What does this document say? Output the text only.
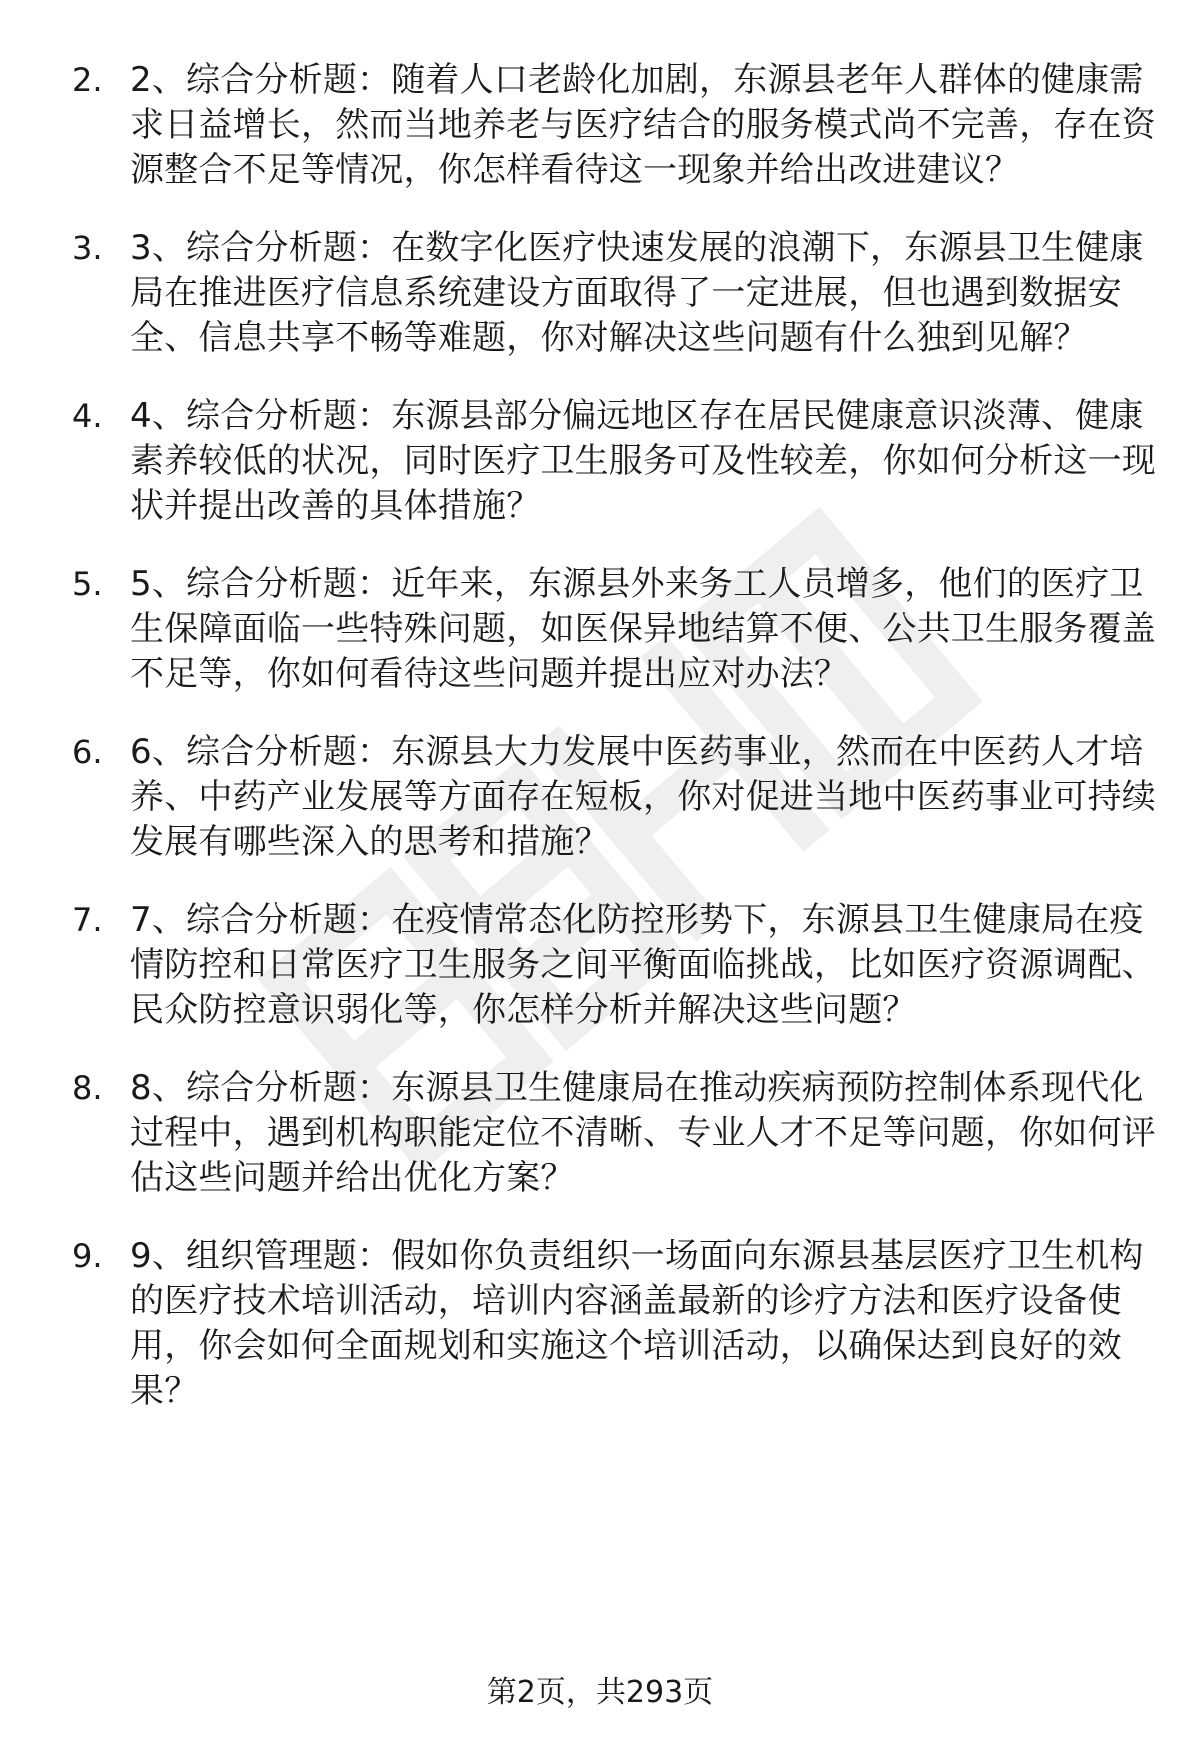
2. 2、综合分析题：随着人口老龄化加剧，东源县老年人群体的健康需求日益增长，然而当地养老与医疗结合的服务模式尚不完善，存在资源整合不足等情况，你怎样看待这一现象并给出改进建议？
3. 3、综合分析题：在数字化医疗快速发展的浪潮下，东源县卫生健康局在推进医疗信息系统建设方面取得了一定进展，但也遇到数据安全、信息共享不畅等难题，你对解决这些问题有什么独到见解？
4. 4、综合分析题：东源县部分偏远地区存在居民健康意识淡薄、健康素养较低的状况，同时医疗卫生服务可及性较差，你如何分析这一现状并提出改善的具体措施？
5. 5、综合分析题：近年来，东源县外来务工人员增多，他们的医疗卫生保障面临一些特殊问题，如医保异地结算不便、公共卫生服务覆盖不足等，你如何看待这些问题并提出应对办法？
6. 6、综合分析题：东源县大力发展中医药事业，然而在中医药人才培养、中药产业发展等方面存在短板，你对促进当地中医药事业可持续发展有哪些深入的思考和措施？
7. 7、综合分析题：在疫情常态化防控形势下，东源县卫生健康局在疫情防控和日常医疗卫生服务之间平衡面临挑战，比如医疗资源调配、民众防控意识弱化等，你怎样分析并解决这些问题？
8. 8、综合分析题：东源县卫生健康局在推动疾病预防控制体系现代化过程中，遇到机构职能定位不清晰、专业人才不足等问题，你如何评估这些问题并给出优化方案？
9. 9、组织管理题：假如你负责组织一场面向东源县基层医疗卫生机构的医疗技术培训活动，培训内容涵盖最新的诊疗方法和医疗设备使用，你会如何全面规划和实施这个培训活动，以确保达到良好的效果？
第2页，共293页
